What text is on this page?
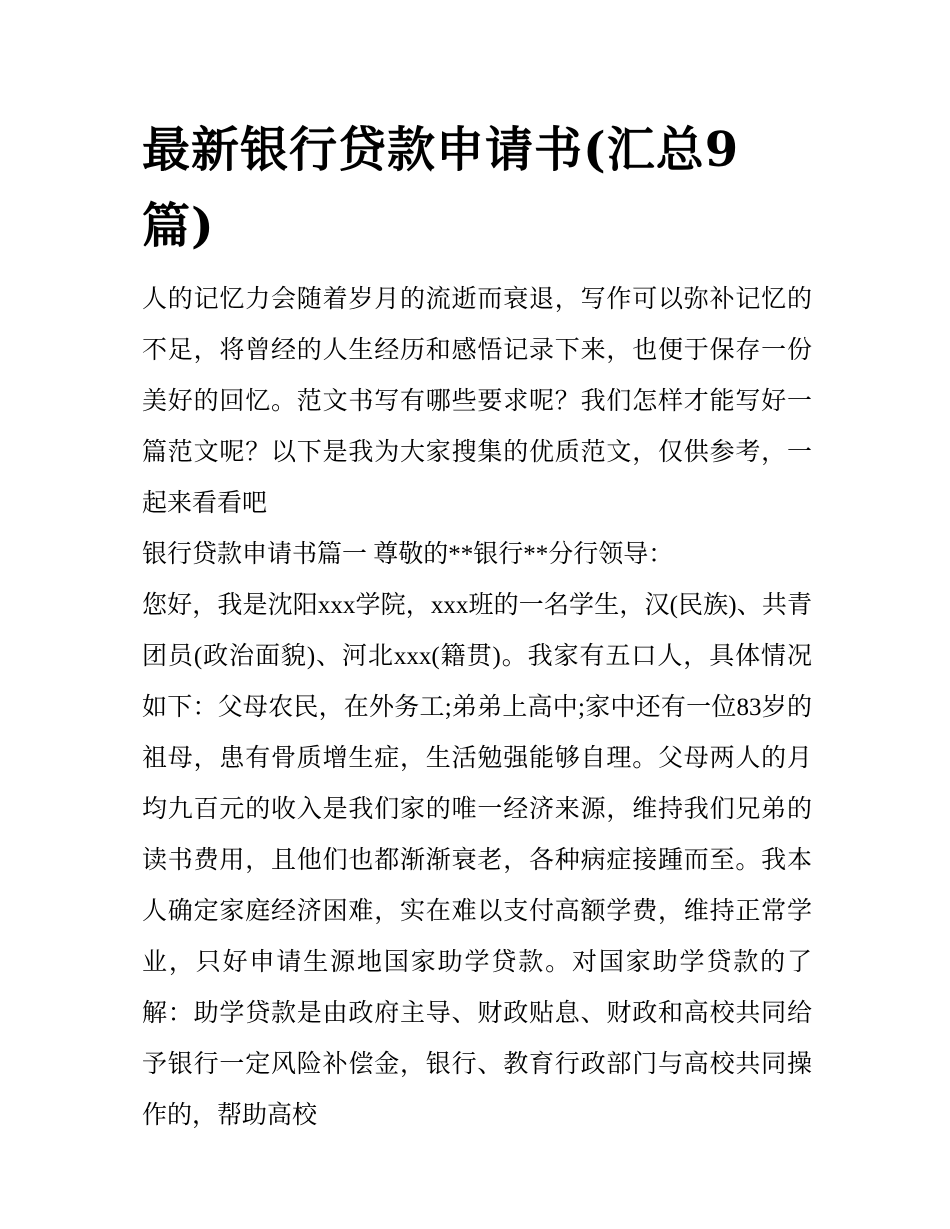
最新银行贷款申请书(汇总9篇)

人的记忆力会随着岁月的流逝而衰退，写作可以弥补记忆的不足，将曾经的人生经历和感悟记录下来，也便于保存一份美好的回忆。范文书写有哪些要求呢？我们怎样才能写好一篇范文呢？以下是我为大家搜集的优质范文，仅供参考，一起来看看吧

银行贷款申请书篇一 尊敬的**银行**分行领导：

您好，我是沈阳xxx学院，xxx班的一名学生，汉(民族)、共青团员(政治面貌)、河北xxx(籍贯)。我家有五口人，具体情况如下：父母农民，在外务工;弟弟上高中;家中还有一位83岁的祖母，患有骨质增生症，生活勉强能够自理。父母两人的月均九百元的收入是我们家的唯一经济来源，维持我们兄弟的读书费用，且他们也都渐渐衰老，各种病症接踵而至。我本人确定家庭经济困难，实在难以支付高额学费，维持正常学业，只好申请生源地国家助学贷款。对国家助学贷款的了解：助学贷款是由政府主导、财政贴息、财政和高校共同给予银行一定风险补偿金，银行、教育行政部门与高校共同操作的，帮助高校
